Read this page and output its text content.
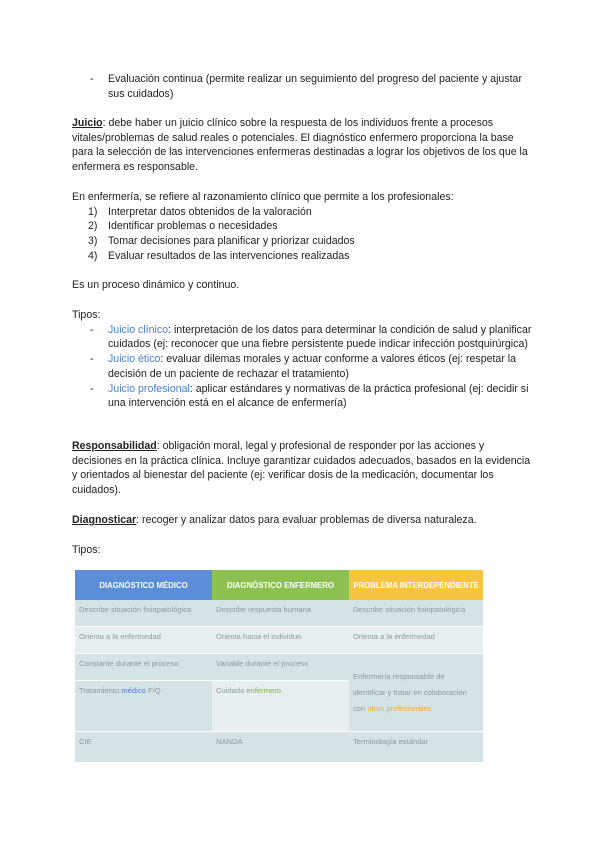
- Evaluación continua (permite realizar un seguimiento del progreso del paciente y ajustar sus cuidados)

Juicio: debe haber un juicio clínico sobre la respuesta de los individuos frente a procesos vitales/problemas de salud reales o potenciales. El diagnóstico enfermero proporciona la base para la selección de las intervenciones enfermeras destinadas a lograr los objetivos de los que la enfermera es responsable.

En enfermería, se refiere al razonamiento clínico que permite a los profesionales:

1) Interpretar datos obtenidos de la valoración
2) Identificar problemas o necesidades
3) Tomar decisiones para planificar y priorizar cuidados
4) Evaluar resultados de las intervenciones realizadas
Es un proceso dinámico y continuo.

Tipos:

- Juicio clínico: interpretación de los datos para determinar la condición de salud y planificar cuidados (ej: reconocer que una fiebre persistente puede indicar infección postquirúrgica)
- Juicio ético: evaluar dilemas morales y actuar conforme a valores éticos (ej: respetar la decisión de un paciente de rechazar el tratamiento)
- Juicio profesional: aplicar estándares y normativas de la práctica profesional (ej: decidir si una intervención está en el alcance de enfermería)

Responsabilidad: obligación moral, legal y profesional de responder por las acciones y decisiones en la práctica clínica. Incluye garantizar cuidados adecuados, basados en la evidencia y orientados al bienestar del paciente (ej: verificar dosis de la medicación, documentar los cuidados).

Diagnosticar: recoger y analizar datos para evaluar problemas de diversa naturaleza.

Tipos:
DIAGNÓSTICO MÉDICO	DIAGNÓSTICO ENFERMERO	PROBLEMA INTERDEPENDIENTE
Describe situación fisiopatológica	Describe respuesta humana	Describe situación fisiopatológica
Orienta a la enfermedad	Orienta hacia el individuo	Orienta a la enfermedad
Constante durante el proceso	Variable durante el proceso	Enfermería responsable de identificar y tratar en colaboración con otros profesionales
Tratamiento médico F/Q	Cuidado enfermero	
CIE	NANDA	Terminología estándar
